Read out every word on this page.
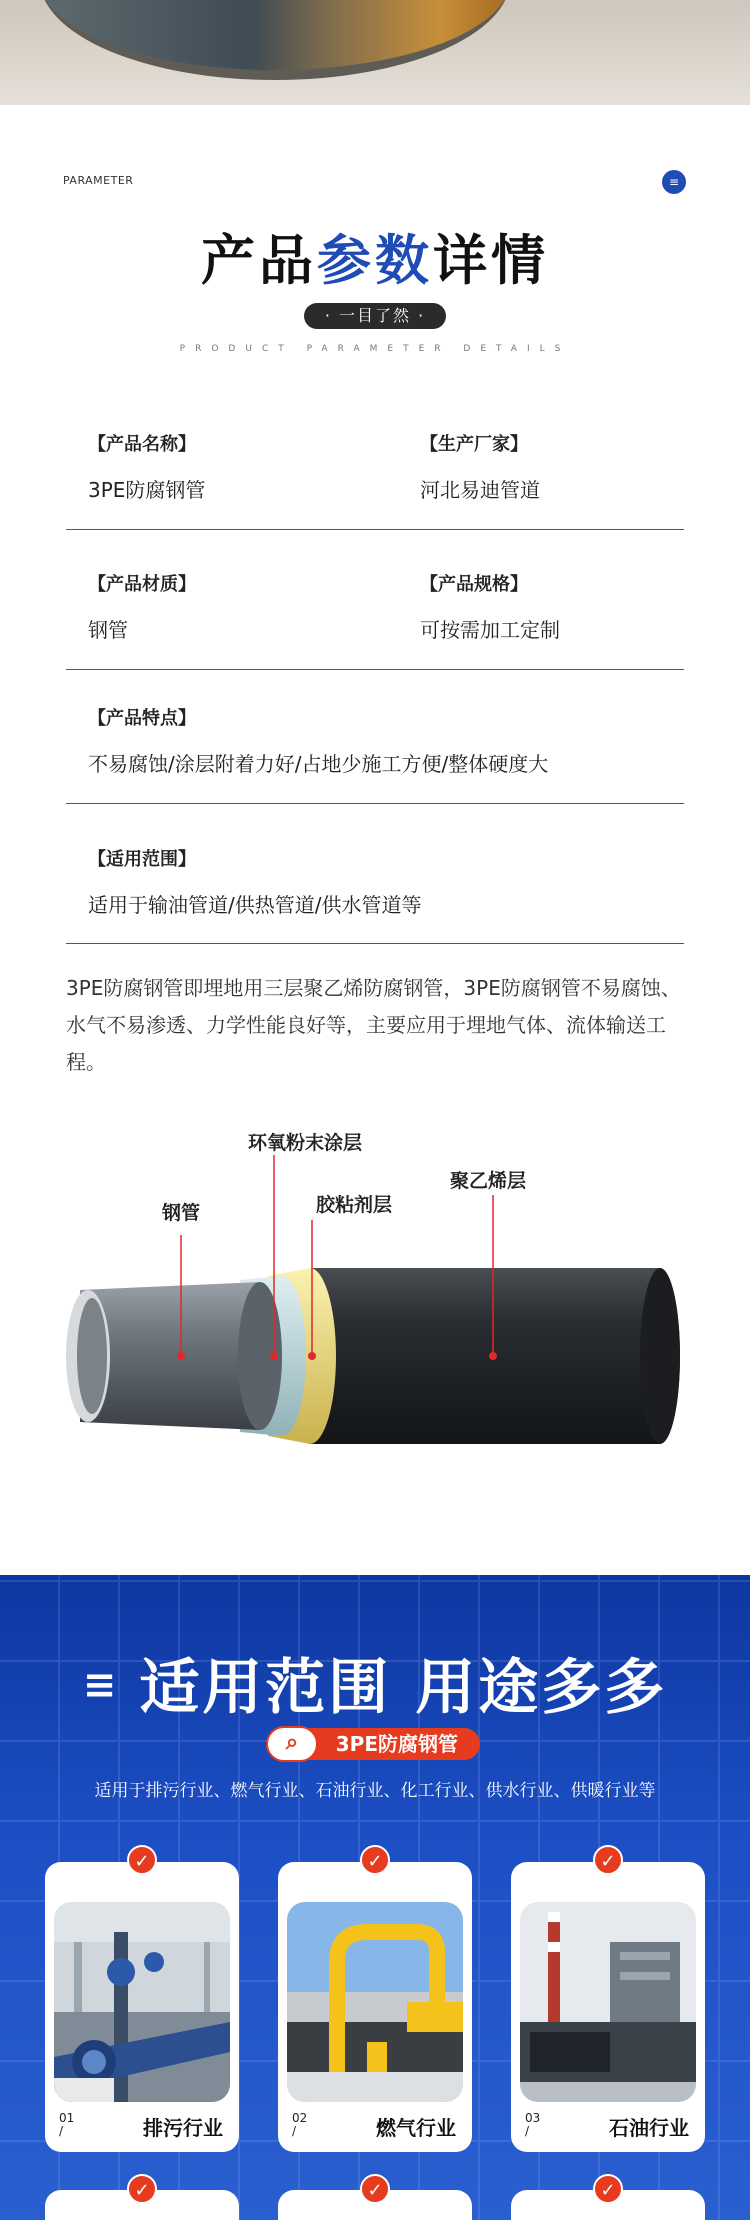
PARAMETER	≡
产品参数详情
· 一目了然 ·
PRODUCT PARAMETER DETAILS
【产品名称】
3PE防腐钢管
【生产厂家】
河北易迪管道
【产品材质】
钢管
【产品规格】
可按需加工定制
【产品特点】
不易腐蚀/涂层附着力好/占地少施工方便/整体硬度大
【适用范围】
适用于输油管道/供热管道/供水管道等
3PE防腐钢管即埋地用三层聚乙烯防腐钢管，3PE防腐钢管不易腐蚀、水气不易渗透、力学性能良好等，主要应用于埋地气体、流体输送工程。
钢管
环氧粉末涂层
胶粘剂层
聚乙烯层
≡ 适用范围 用途多多
⌕	3PE防腐钢管
适用于排污行业、燃气行业、石油行业、化工行业、供水行业、供暖行业等
01
/	排污行业
✓
02
/	燃气行业
✓
03
/	石油行业
✓
✓	✓	✓
